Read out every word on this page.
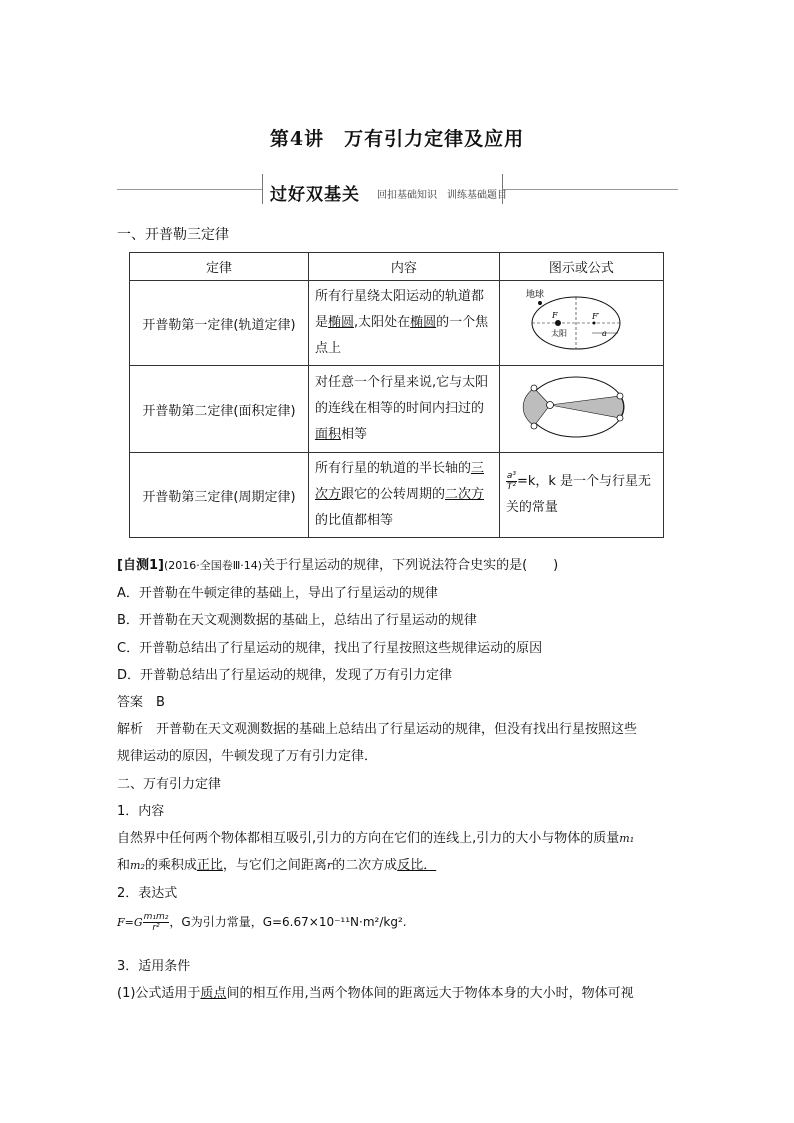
第4讲　万有引力定律及应用
过好双基关 回扣基础知识　训练基础题目
一、开普勒三定律
定律	内容	图示或公式
开普勒第一定律(轨道定律)	所有行星绕太阳运动的轨道都是椭圆,太阳处在椭圆的一个焦点上	地球
F
太阳
F′
a

开普勒第二定律(面积定律)	对任意一个行星来说,它与太阳的连线在相等的时间内扫过的面积相等	
开普勒第三定律(周期定律)	所有行星的轨道的半长轴的三次方跟它的公转周期的二次方的比值都相等	$\frac{\text{a³}}{\text{T²}} =k$，k 是一个与行星无关的常量
[自测1](2016·全国卷Ⅲ·14)关于行星运动的规律，下列说法符合史实的是(　　)
A．开普勒在牛顿定律的基础上，导出了行星运动的规律
B．开普勒在天文观测数据的基础上，总结出了行星运动的规律
C．开普勒总结出了行星运动的规律，找出了行星按照这些规律运动的原因
D．开普勒总结出了行星运动的规律，发现了万有引力定律
答案　 B
解析　 开普勒在天文观测数据的基础上总结出了行星运动的规律，但没有找出行星按照这些
规律运动的原因，牛顿发现了万有引力定律．
二、万有引力定律
1．内容
自然界中任何两个物体都相互吸引,引力的方向在它们的连线上,引力的大小与物体的质量m₁
和m₂的乘积成正比，与它们之间距离r的二次方成反比．
2．表达式
$F=G \frac{\text{m₁m₂}}{\text{r²}}$ ，G为引力常量，G=6.67×10⁻¹¹N·m²/kg².
3．适用条件
(1)公式适用于质点间的相互作用,当两个物体间的距离远大于物体本身的大小时，物体可视
